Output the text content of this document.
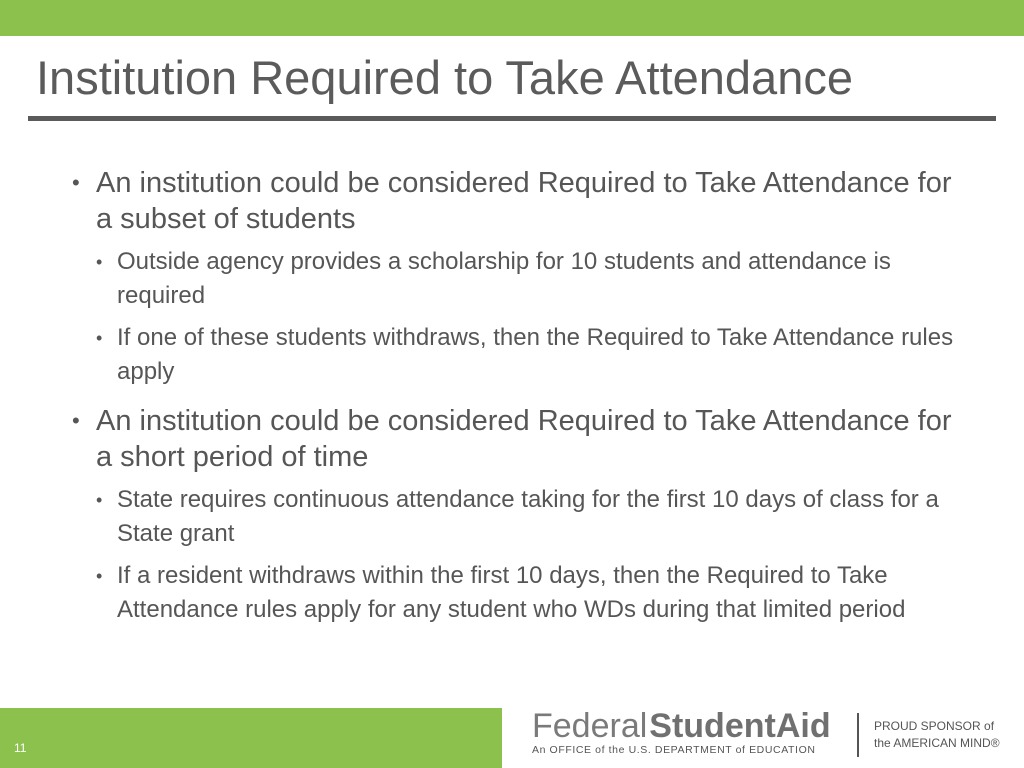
Institution Required to Take Attendance
• An institution could be considered Required to Take Attendance for a subset of students
• Outside agency provides a scholarship for 10 students and attendance is required
• If one of these students withdraws, then the Required to Take Attendance rules apply
• An institution could be considered Required to Take Attendance for a short period of time
• State requires continuous attendance taking for the first 10 days of class for a State grant
• If a resident withdraws within the first 10 days, then the Required to Take Attendance rules apply for any student who WDs during that limited period
11
FederalStudentAid
An OFFICE of the U.S. DEPARTMENT of EDUCATION
PROUD SPONSOR of
the AMERICAN MIND®
